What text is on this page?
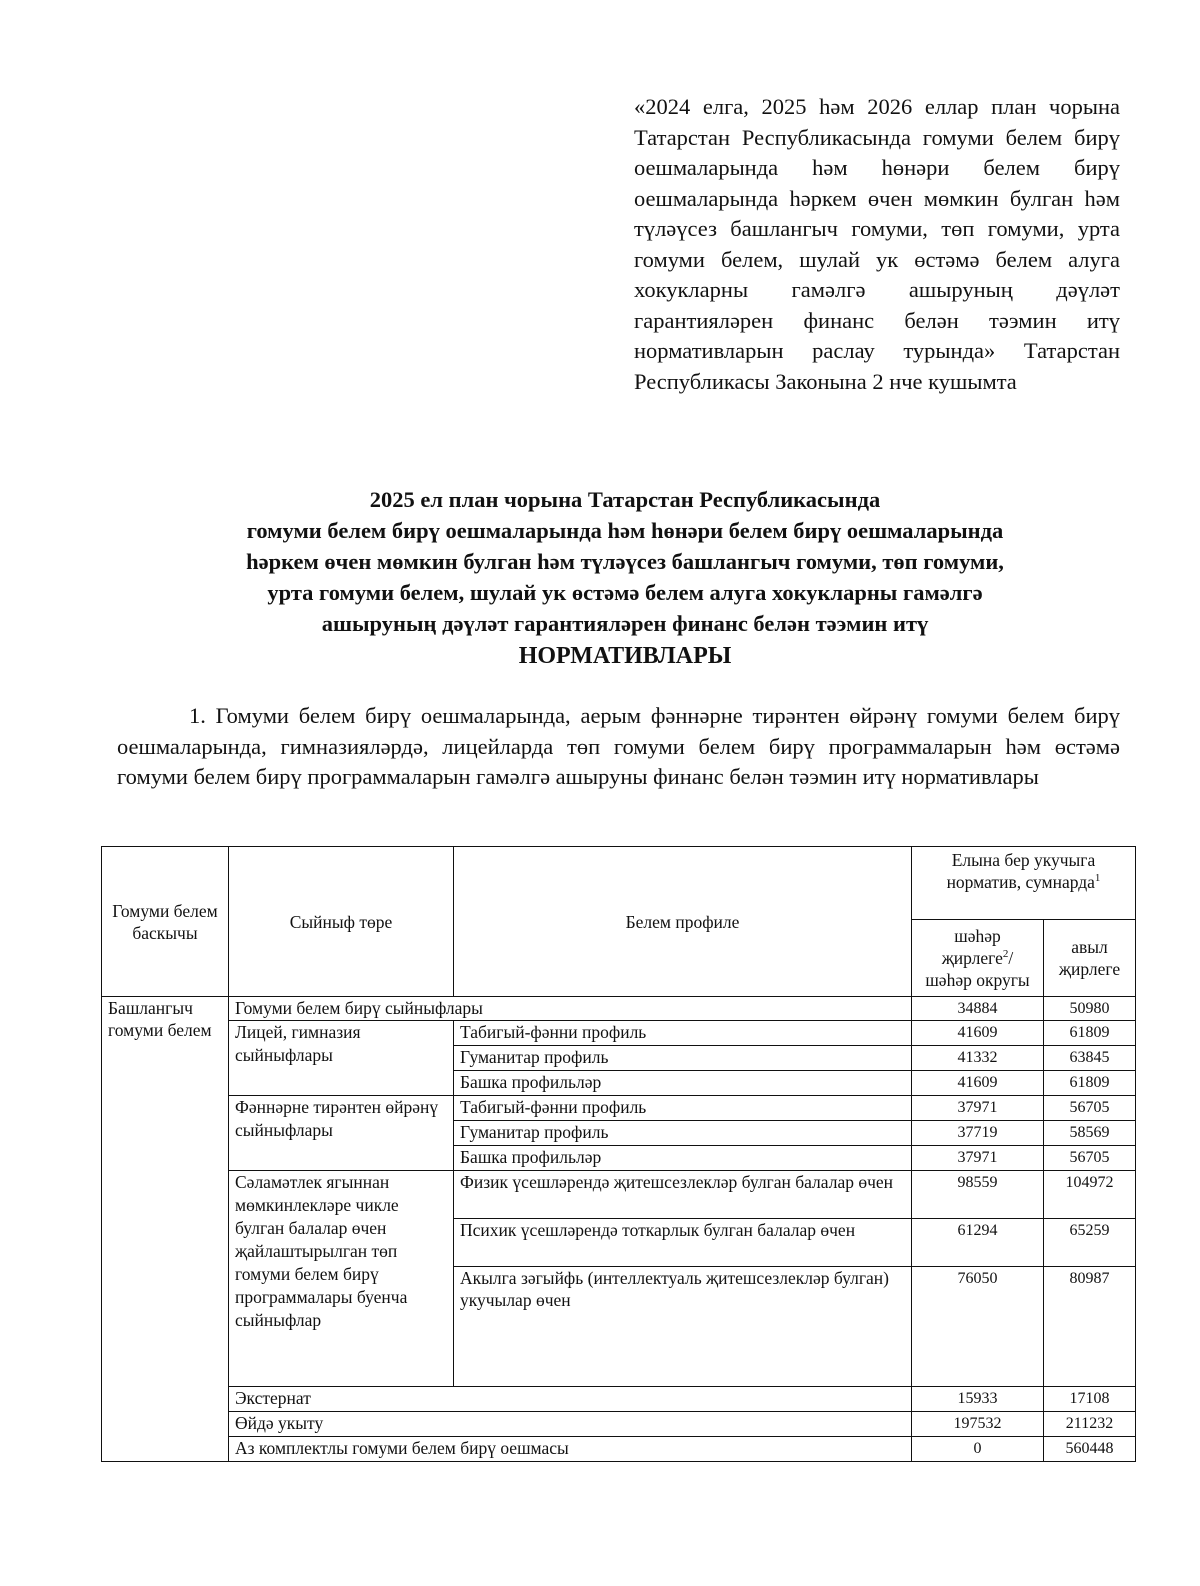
«2024 елга, 2025 һәм 2026 еллар план чорына Татарстан Республикасында гомуми белем бирү оешмаларында һәм һөнәри белем бирү оешмаларында һәркем өчен мөмкин булган һәм түләүсез башлангыч гомуми, төп гомуми, урта гомуми белем, шулай ук өстәмә белем алуга хокукларны гамәлгә ашыруның дәүләт гарантияләрен финанс белән тәэмин итү нормативларын раслау турында» Татарстан Республикасы Законына 2 нче кушымта
2025 ел план чорына Татарстан Республикасында
гомуми белем бирү оешмаларында һәм һөнәри белем бирү оешмаларында
һәркем өчен мөмкин булган һәм түләүсез башлангыч гомуми, төп гомуми,
урта гомуми белем, шулай ук өстәмә белем алуга хокукларны гамәлгә
ашыруның дәүләт гарантияләрен финанс белән тәэмин итү
НОРМАТИВЛАРЫ
1. Гомуми белем бирү оешмаларында, аерым фәннәрне тирәнтен өйрәнү гомуми белем бирү оешмаларында, гимназияләрдә, лицейларда төп гомуми белем бирү программаларын һәм өстәмә гомуми белем бирү программаларын гамәлгә ашыруны финанс белән тәэмин итү нормативлары
Гомуми белем баскычы	Сыйныф төре	Белем профиле	Елына бер укучыга норматив, сумнарда$^1$
			шәһәр җирлеге$^2$/ шәһәр округы	авыл җирлеге
Башлангыч гомуми белем	Гомуми белем бирү сыйныфлары		34884	50980
	Лицей, гимназия сыйныфлары	Табигый-фәнни профиль	41609	61809
		Гуманитар профиль	41332	63845
		Башка профильләр	41609	61809
	Фәннәрне тирәнтен өйрәнү сыйныфлары	Табигый-фәнни профиль	37971	56705
		Гуманитар профиль	37719	58569
		Башка профильләр	37971	56705
	Сәламәтлек ягыннан мөмкинлекләре чикле
булган балалар өчен җайлаштырылган төп гомуми белем бирү программалары буенча
сыйныфлар	Физик үсешләрендә җитешсезлекләр булган балалар өчен	98559	104972
		Психик үсешләрендә тоткарлык булган балалар өчен	61294	65259
		Акылга зәгыйфь (интеллектуаль җитешсезлекләр булган) укучылар өчен	76050	80987
	Экстернат		15933	17108
	Өйдә укыту		197532	211232
	Аз комплектлы гомуми белем бирү оешмасы		0	560448
